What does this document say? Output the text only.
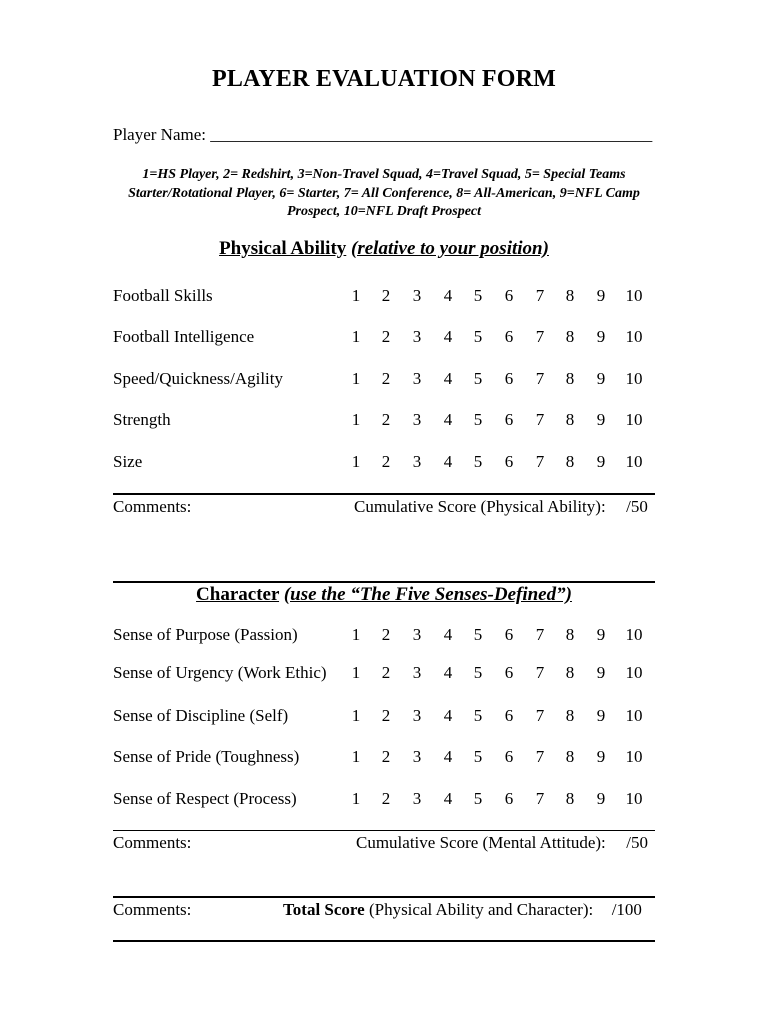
PLAYER EVALUATION FORM
Player Name: ____________________________________________________
1=HS Player, 2= Redshirt, 3=Non-Travel Squad, 4=Travel Squad, 5= Special Teams Starter/Rotational Player, 6= Starter, 7= All Conference, 8= All-American, 9=NFL Camp Prospect, 10=NFL Draft Prospect
Physical Ability (relative to your position)
Football Skills	1	2	3	4	5	6	7	8	9	10
Football Intelligence	1	2	3	4	5	6	7	8	9	10
Speed/Quickness/Agility	1	2	3	4	5	6	7	8	9	10
Strength	1	2	3	4	5	6	7	8	9	10
Size	1	2	3	4	5	6	7	8	9	10
Comments:	Cumulative Score (Physical Ability): /50
Character (use the “The Five Senses-Defined”)
Sense of Purpose (Passion)	1	2	3	4	5	6	7	8	9	10
Sense of Urgency (Work Ethic)	1	2	3	4	5	6	7	8	9	10
Sense of Discipline (Self)	1	2	3	4	5	6	7	8	9	10
Sense of Pride (Toughness)	1	2	3	4	5	6	7	8	9	10
Sense of Respect (Process)	1	2	3	4	5	6	7	8	9	10
Comments:	Cumulative Score (Mental Attitude): /50
Comments:	Total Score (Physical Ability and Character): /100
